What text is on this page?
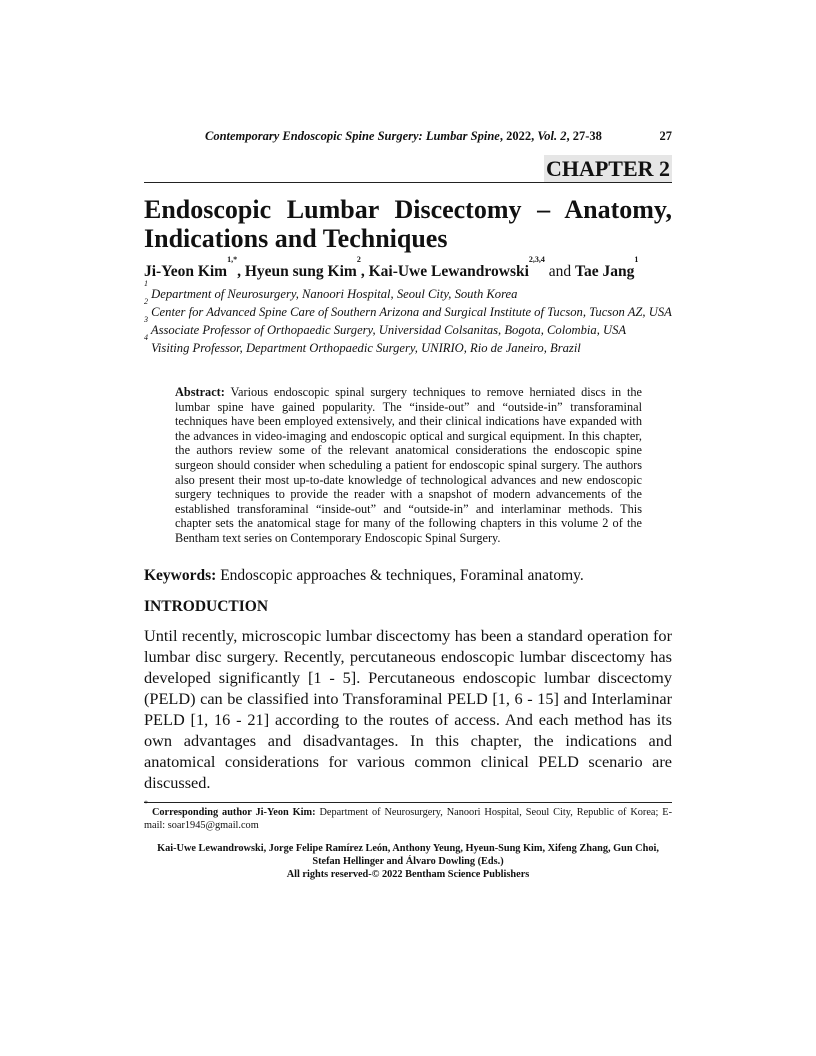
Contemporary Endoscopic Spine Surgery: Lumbar Spine, 2022, Vol. 2, 27-38	27
CHAPTER 2
Endoscopic Lumbar Discectomy – Anatomy,
Indications and Techniques
Ji-Yeon Kim$^{1,*}$, Hyeun sung Kim$^2$, Kai-Uwe Lewandrowski$^{2,3,4}$ and Tae Jang$^1$

$^1$ Department of Neurosurgery, Nanoori Hospital, Seoul City, South Korea

$^2$ Center for Advanced Spine Care of Southern Arizona and Surgical Institute of Tucson, Tucson AZ, USA

$^3$ Associate Professor of Orthopaedic Surgery, Universidad Colsanitas, Bogota, Colombia, USA

$^4$ Visiting Professor, Department Orthopaedic Surgery, UNIRIO, Rio de Janeiro, Brazil

Abstract: Various endoscopic spinal surgery techniques to remove herniated discs in the lumbar spine have gained popularity. The “inside-out” and “outside-in” transforaminal techniques have been employed extensively, and their clinical indications have expanded with the advances in video-imaging and endoscopic optical and surgical equipment. In this chapter, the authors review some of the relevant anatomical considerations the endoscopic spine surgeon should consider when scheduling a patient for endoscopic spinal surgery. The authors also present their most up-to-date knowledge of technological advances and new endoscopic surgery techniques to provide the reader with a snapshot of modern advancements of the established transforaminal “inside-out” and “outside-in” and interlaminar methods. This chapter sets the anatomical stage for many of the following chapters in this volume 2 of the Bentham text series on Contemporary Endoscopic Spinal Surgery.
Keywords: Endoscopic approaches & techniques, Foraminal anatomy.
INTRODUCTION

Until recently, microscopic lumbar discectomy has been a standard operation for lumbar disc surgery. Recently, percutaneous endoscopic lumbar discectomy has developed significantly [1 - 5]. Percutaneous endoscopic lumbar discectomy (PELD) can be classified into Transforaminal PELD [1, 6 - 15] and Interlaminar PELD [1, 16 - 21] according to the routes of access. And each method has its own advantages and disadvantages. In this chapter, the indications and anatomical considerations for various common clinical PELD scenario are discussed.

* Corresponding author Ji-Yeon Kim: Department of Neurosurgery, Nanoori Hospital, Seoul City, Republic of Korea; E-mail: soar1945@gmail.com
Kai-Uwe Lewandrowski, Jorge Felipe Ramírez León, Anthony Yeung, Hyeun-Sung Kim, Xifeng Zhang, Gun Choi, Stefan Hellinger and Álvaro Dowling (Eds.)
All rights reserved-© 2022 Bentham Science Publishers
